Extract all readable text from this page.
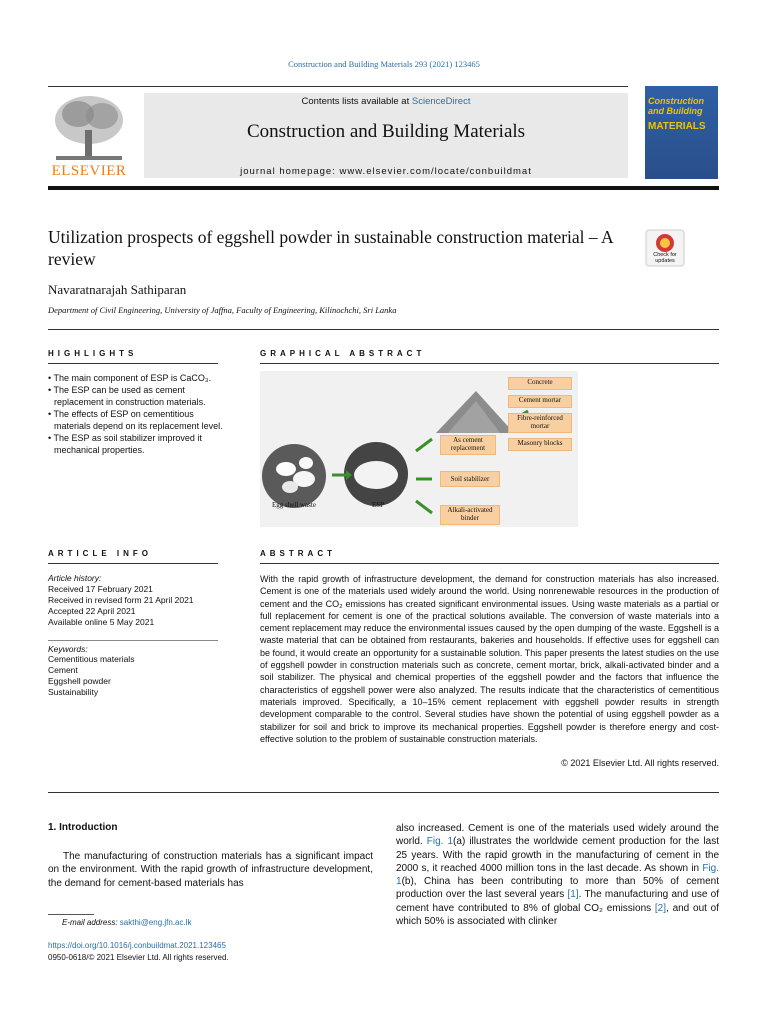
Construction and Building Materials 293 (2021) 123465
ELSEVIER
Contents lists available at ScienceDirect
Construction and Building Materials
journal homepage: www.elsevier.com/locate/conbuildmat
Construction and Building
MATERIALS
Utilization prospects of eggshell powder in sustainable construction material – A review	Check for updates
Navaratnarajah Sathiparan
Department of Civil Engineering, University of Jaffna, Faculty of Engineering, Kilinochchi, Sri Lanka
HIGHLIGHTS
• The main component of ESP is CaCO₃.
• The ESP can be used as cement replacement in construction materials.
• The effects of ESP on cementitious materials depend on its replacement level.
• The ESP as soil stabilizer improved it mechanical properties.
GRAPHICAL ABSTRACT
Egg shell waste	ESP
As cement replacement
Soil stabilizer
Alkali-activated binder
Concrete
Cement mortar
Fibre-reinforced mortar
Masonry blocks
ARTICLE INFO
Article history:
Received 17 February 2021
Received in revised form 21 April 2021
Accepted 22 April 2021
Available online 5 May 2021
Keywords:
Cementitious materials
Cement
Eggshell powder
Sustainability
ABSTRACT
With the rapid growth of infrastructure development, the demand for construction materials has also increased. Cement is one of the materials used widely around the world. Using nonrenewable resources in the production of cement and the CO₂ emissions has created significant environmental issues. Using waste materials as a partial or full replacement for cement is one of the practical solutions available. The conversion of waste materials into a cement replacement may reduce the environmental issues caused by the open dumping of the waste. Eggshell is a waste material that can be obtained from restaurants, bakeries and households. If effective uses for eggshell can be found, it would create an opportunity for a sustainable solution. This paper presents the latest studies on the use of eggshell powder in construction materials such as concrete, cement mortar, brick, alkali-activated binder and a soil stabilizer. The physical and chemical properties of the eggshell powder and the factors that influence the characteristics of eggshell power were also analyzed. The results indicate that the characteristics of cementitious materials improved. Specifically, a 10–15% cement replacement with eggshell powder results in strength development comparable to the control. Several studies have shown the potential of using eggshell powder as a stabilizer for soil and brick to improve its mechanical properties. Eggshell powder is therefore energy and cost-effective solution to the problem of sustainable construction materials.
© 2021 Elsevier Ltd. All rights reserved.
1. Introduction
The manufacturing of construction materials has a significant impact on the environment. With the rapid growth of infrastructure development, the demand for cement-based materials has
also increased. Cement is one of the materials used widely around the world. Fig. 1(a) illustrates the worldwide cement production for the last 25 years. With the rapid growth in the manufacturing of cement in the 2000 s, it reached 4000 million tons in the last decade. As shown in Fig. 1(b), China has been contributing to more than 50% of cement production over the last several years [1]. The manufacturing and use of cement have contributed to 8% of global CO₂ emissions [2], and out of which 50% is associated with clinker
E-mail address: sakthi@eng.jfn.ac.lk
https://doi.org/10.1016/j.conbuildmat.2021.123465
0950-0618/© 2021 Elsevier Ltd. All rights reserved.
